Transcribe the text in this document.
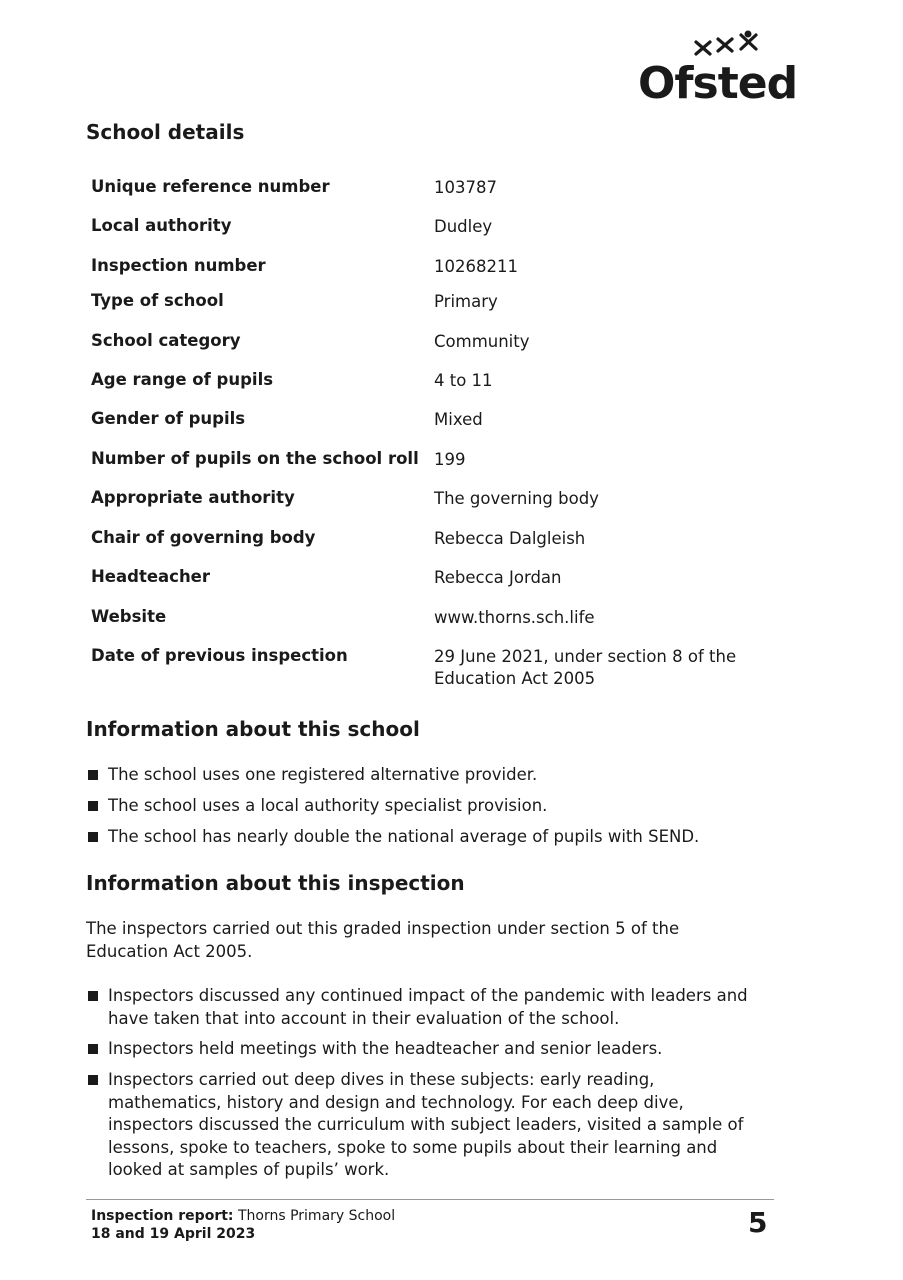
Ofsted
School details
Unique reference number	103787
Local authority	Dudley
Inspection number	10268211
Type of school	Primary
School category	Community
Age range of pupils	4 to 11
Gender of pupils	Mixed
Number of pupils on the school roll 199
Appropriate authority	The governing body
Chair of governing body	Rebecca Dalgleish
Headteacher	Rebecca Jordan
Website	www.thorns.sch.life
Date of previous inspection	29 June 2021, under section 8 of the Education Act 2005
Information about this school
The school uses one registered alternative provider.
The school uses a local authority specialist provision.
The school has nearly double the national average of pupils with SEND.
Information about this inspection
The inspectors carried out this graded inspection under section 5 of the Education Act 2005.
Inspectors discussed any continued impact of the pandemic with leaders and have taken that into account in their evaluation of the school.
Inspectors held meetings with the headteacher and senior leaders.
Inspectors carried out deep dives in these subjects: early reading, mathematics, history and design and technology. For each deep dive, inspectors discussed the curriculum with subject leaders, visited a sample of lessons, spoke to teachers, spoke to some pupils about their learning and looked at samples of pupils’ work.
Inspection report: Thorns Primary School
18 and 19 April 2023	5
